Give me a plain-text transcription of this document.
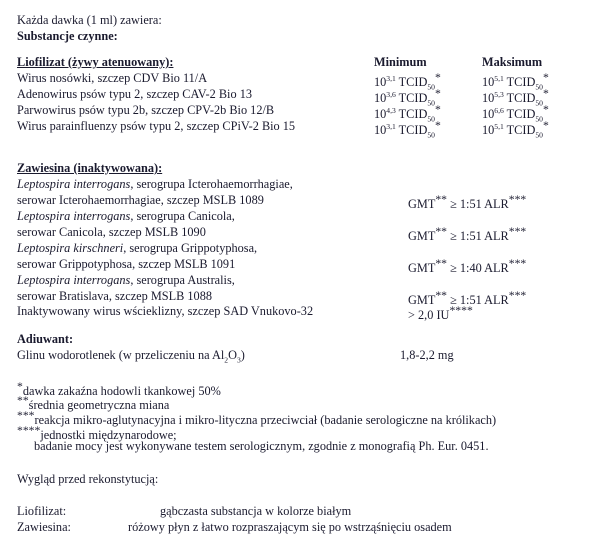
Każda dawka (1 ml) zawiera:
Substancje czynne:
Liofilizat (żywy atenuowany):	Minimum	Maksimum
Wirus nosówki, szczep CDV Bio 11/A	10$^{3,1}$ $TCID_{50}*$	10$^{5,1}$ $TCID_{50}*$
Adenowirus psów typu 2, szczep CAV-2 Bio 13	10$^{3,6}$ $TCID_{50}*$	10$^{5,3}$ $TCID_{50}*$
Parwowirus psów typu 2b, szczep CPV-2b Bio 12/B	10$^{4,3}$ $TCID_{50}*$	10$^{6,6}$ $TCID_{50}*$
Wirus parainfluenzy psów typu 2, szczep CPiV-2 Bio 15	10$^{3,1}$ $TCID_{50}*$	10$^{5,1}$ $TCID_{50}*$
Zawiesina (inaktywowana):
Leptospira interrogans, serogrupa Icterohaemorrhagiae,
serowar Icterohaemorrhagiae, szczep MSLB 1089	GMT** ≥ 1:51 ALR***
Leptospira interrogans, serogrupa Canicola,
serowar Canicola, szczep MSLB 1090	GMT** ≥ 1:51 ALR***
Leptospira kirschneri, serogrupa Grippotyphosa,
serowar Grippotyphosa, szczep MSLB 1091	GMT** ≥ 1:40 ALR***
Leptospira interrogans, serogrupa Australis,
serowar Bratislava, szczep MSLB 1088	GMT** ≥ 1:51 ALR***
Inaktywowany wirus wścieklizny, szczep SAD Vnukovo-32	> 2,0 IU****
Adiuwant:
Glinu wodorotlenek (w przeliczeniu na $Al_2O_3$)	1,8-2,2 mg
*dawka zakaźna hodowli tkankowej 50%
**średnia geometryczna miana
***reakcja mikro-aglutynacyjna i mikro-lityczna przeciwciał (badanie serologiczne na królikach)
****jednostki międzynarodowe;
badanie mocy jest wykonywane testem serologicznym, zgodnie z monografią Ph. Eur. 0451.
Wygląd przed rekonstytucją:
Liofilizat:	gąbczasta substancja w kolorze białym
Zawiesina:	różowy płyn z łatwo rozpraszającym się po wstrząśnięciu osadem
